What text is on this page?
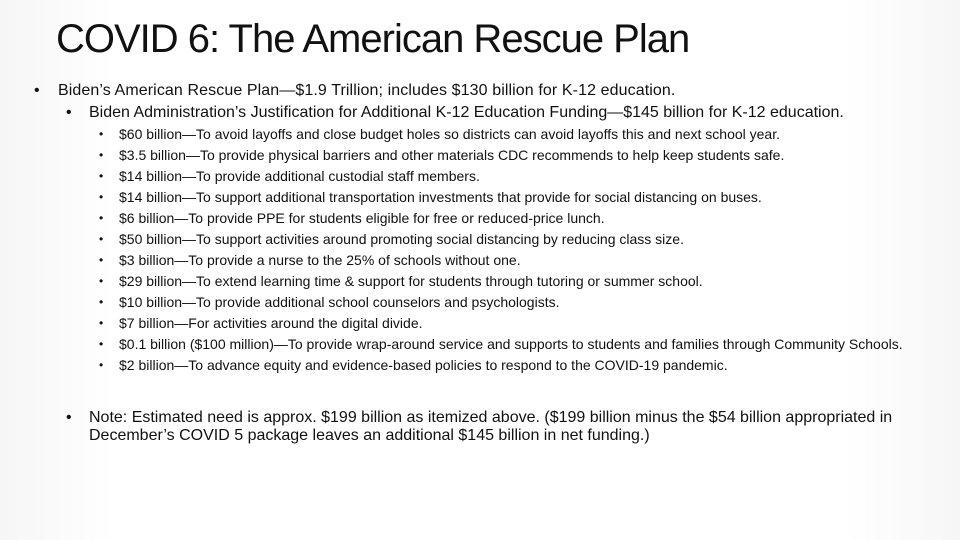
COVID 6: The American Rescue Plan
•	Biden’s American Rescue Plan—$1.9 Trillion; includes $130 billion for K-12 education.
•	Biden Administration’s Justification for Additional K-12 Education Funding—$145 billion for K-12 education.
•	$60 billion—To avoid layoffs and close budget holes so districts can avoid layoffs this and next school year.
•	$3.5 billion—To provide physical barriers and other materials CDC recommends to help keep students safe.
•	$14 billion—To provide additional custodial staff members.
•	$14 billion—To support additional transportation investments that provide for social distancing on buses.
•	$6 billion—To provide PPE for students eligible for free or reduced-price lunch.
•	$50 billion—To support activities around promoting social distancing by reducing class size.
•	$3 billion—To provide a nurse to the 25% of schools without one.
•	$29 billion—To extend learning time & support for students through tutoring or summer school.
•	$10 billion—To provide additional school counselors and psychologists.
•	$7 billion—For activities around the digital divide.
•	$0.1 billion ($100 million)—To provide wrap-around service and supports to students and families through Community Schools.
•	$2 billion—To advance equity and evidence-based policies to respond to the COVID-19 pandemic.
•	Note: Estimated need is approx. $199 billion as itemized above. ($199 billion minus the $54 billion appropriated in December’s COVID 5 package leaves an additional $145 billion in net funding.)
